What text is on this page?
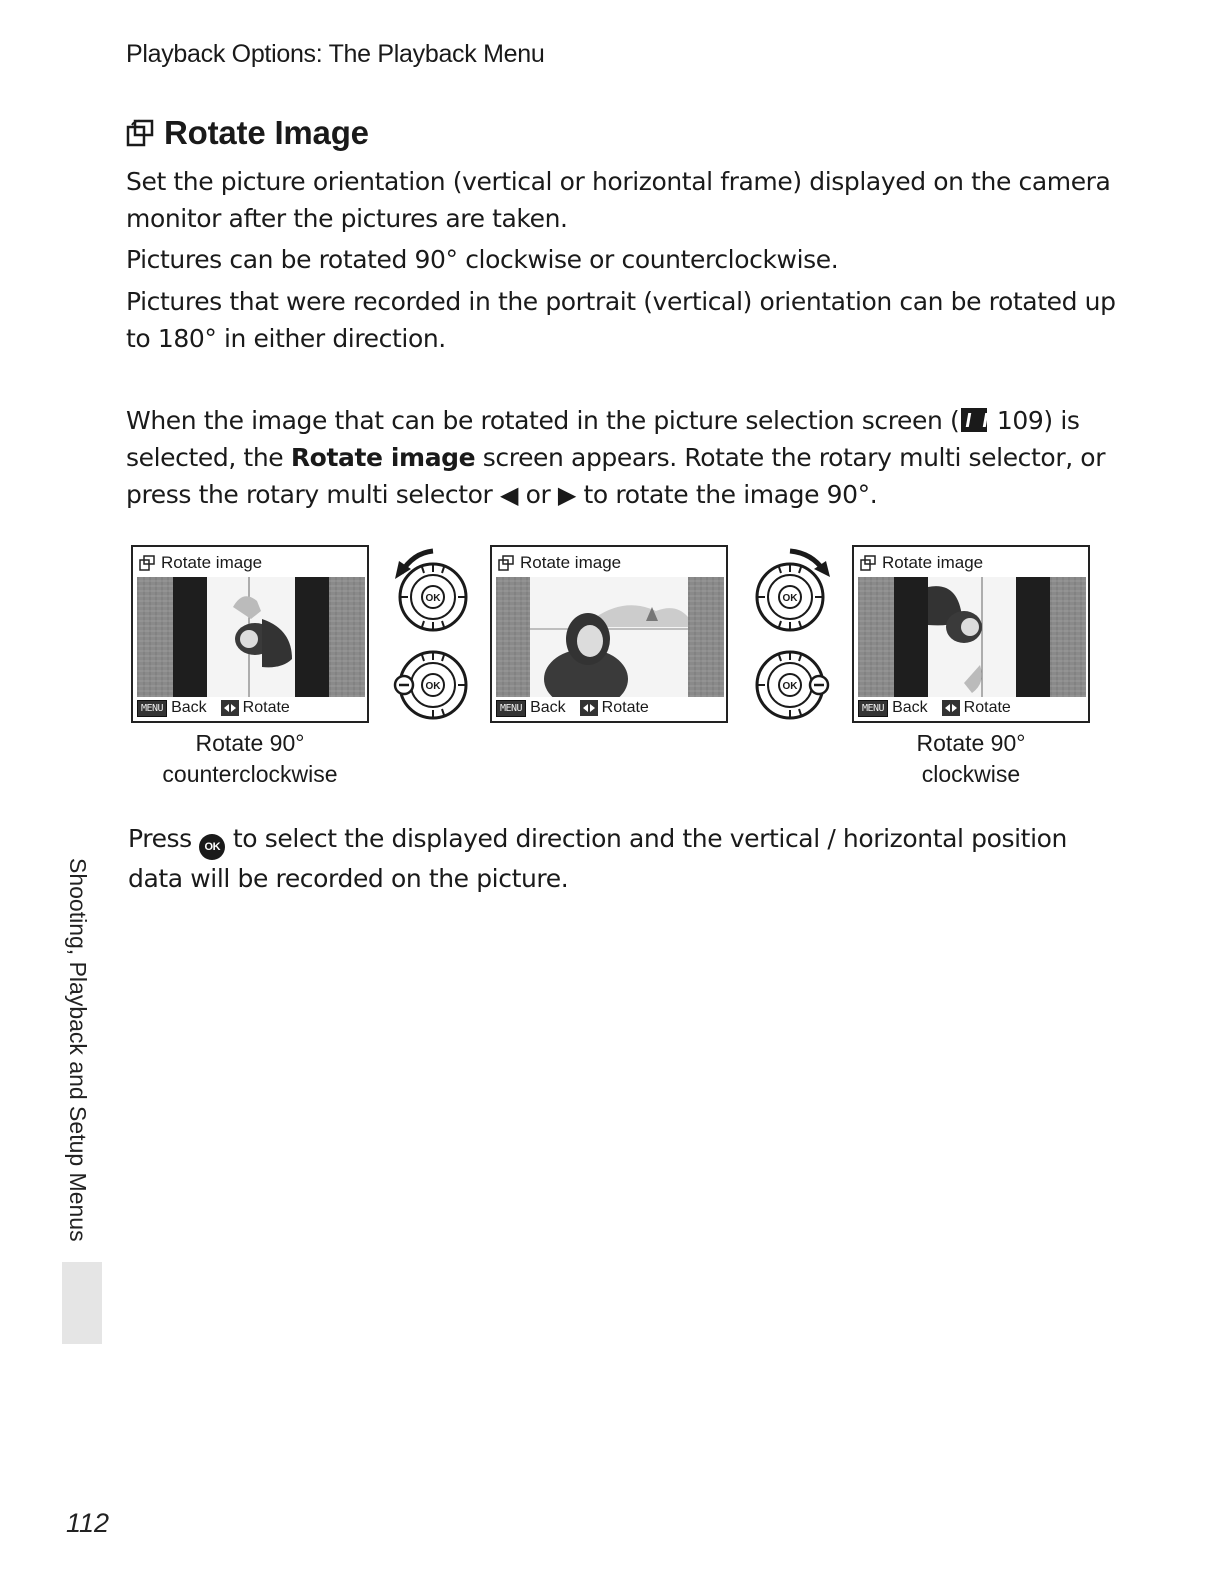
Playback Options: The Playback Menu
Rotate Image

Set the picture orientation (vertical or horizontal frame) displayed on the camera monitor after the pictures are taken.

Pictures can be rotated 90° clockwise or counterclockwise.

Pictures that were recorded in the portrait (vertical) orientation can be rotated up to 180° in either direction.

When the image that can be rotated in the picture selection screen ( 109) is selected, the Rotate image screen appears. Rotate the rotary multi selector, or press the rotary multi selector ◀ or ▶ to rotate the image 90°.

Rotate image
MENU Back Rotate
OK
OK
Rotate image
MENU Back Rotate
OK
OK
Rotate image
MENU Back Rotate
Rotate 90°
counterclockwise
Rotate 90°
clockwise

Press OK to select the displayed direction and the vertical / horizontal position data will be recorded on the picture.

Shooting, Playback and Setup Menus
112
